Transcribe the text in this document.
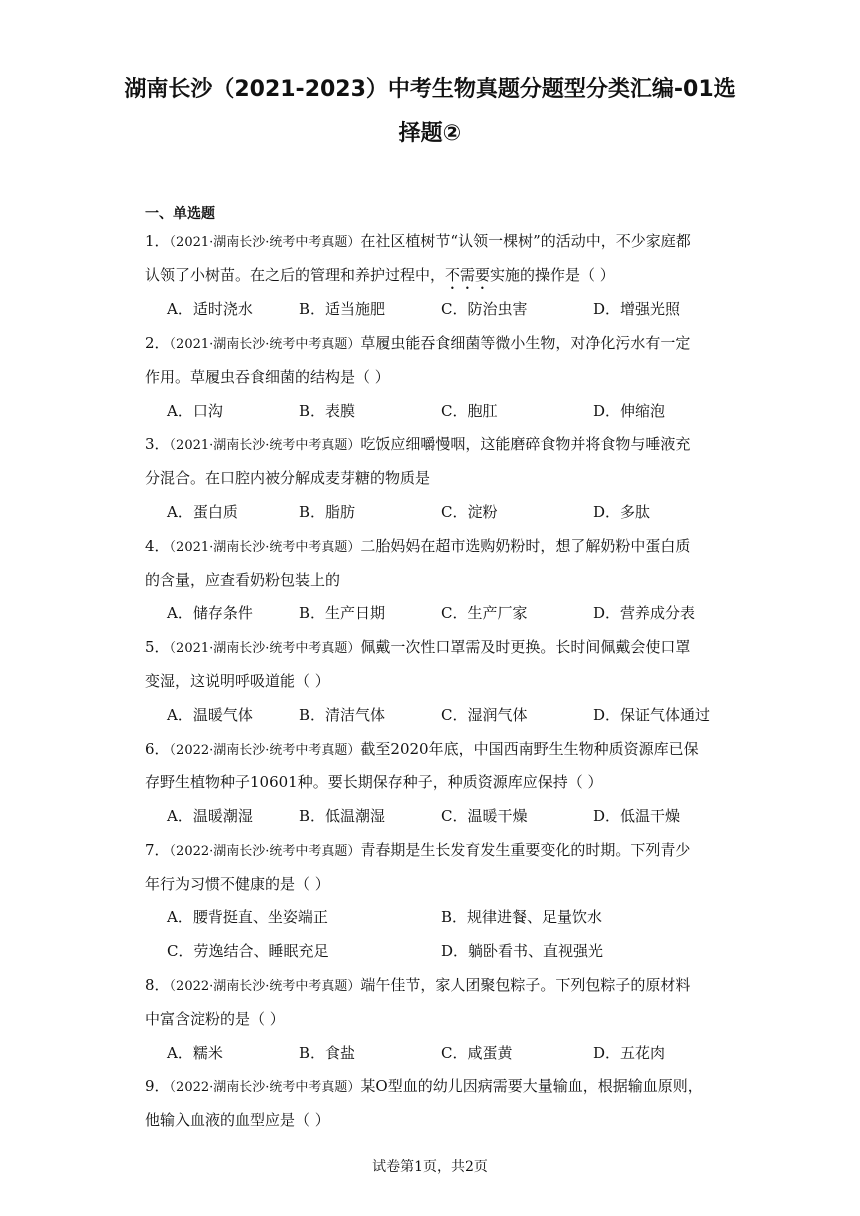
湖南长沙（2021-2023）中考生物真题分题型分类汇编-01选
择题②
一、单选题
1．（2021·湖南长沙·统考中考真题）在社区植树节“认领一棵树”的活动中，不少家庭都
认领了小树苗。在之后的管理和养护过程中，不需要实施的操作是（ ）
A．适时浇水	B．适当施肥	C．防治虫害	D．增强光照
2．（2021·湖南长沙·统考中考真题）草履虫能吞食细菌等微小生物，对净化污水有一定
作用。草履虫吞食细菌的结构是（ ）
A．口沟	B．表膜	C．胞肛	D．伸缩泡
3．（2021·湖南长沙·统考中考真题）吃饭应细嚼慢咽，这能磨碎食物并将食物与唾液充
分混合。在口腔内被分解成麦芽糖的物质是
A．蛋白质	B．脂肪	C．淀粉	D．多肽
4．（2021·湖南长沙·统考中考真题）二胎妈妈在超市选购奶粉时，想了解奶粉中蛋白质
的含量，应查看奶粉包装上的
A．储存条件	B．生产日期	C．生产厂家	D．营养成分表
5．（2021·湖南长沙·统考中考真题）佩戴一次性口罩需及时更换。长时间佩戴会使口罩
变湿，这说明呼吸道能（ ）
A．温暖气体	B．清洁气体	C．湿润气体	D．保证气体通过
6．（2022·湖南长沙·统考中考真题）截至2020年底，中国西南野生生物种质资源库已保
存野生植物种子10601种。要长期保存种子，种质资源库应保持（ ）
A．温暖潮湿	B．低温潮湿	C．温暖干燥	D．低温干燥
7．（2022·湖南长沙·统考中考真题）青春期是生长发育发生重要变化的时期。下列青少
年行为习惯不健康的是（ ）
A．腰背挺直、坐姿端正	B．规律进餐、足量饮水
C．劳逸结合、睡眠充足	D．躺卧看书、直视强光
8．（2022·湖南长沙·统考中考真题）端午佳节，家人团聚包粽子。下列包粽子的原材料
中富含淀粉的是（ ）
A．糯米	B．食盐	C．咸蛋黄	D．五花肉
9．（2022·湖南长沙·统考中考真题）某O型血的幼儿因病需要大量输血，根据输血原则，
他输入血液的血型应是（ ）
试卷第1页，共2页
